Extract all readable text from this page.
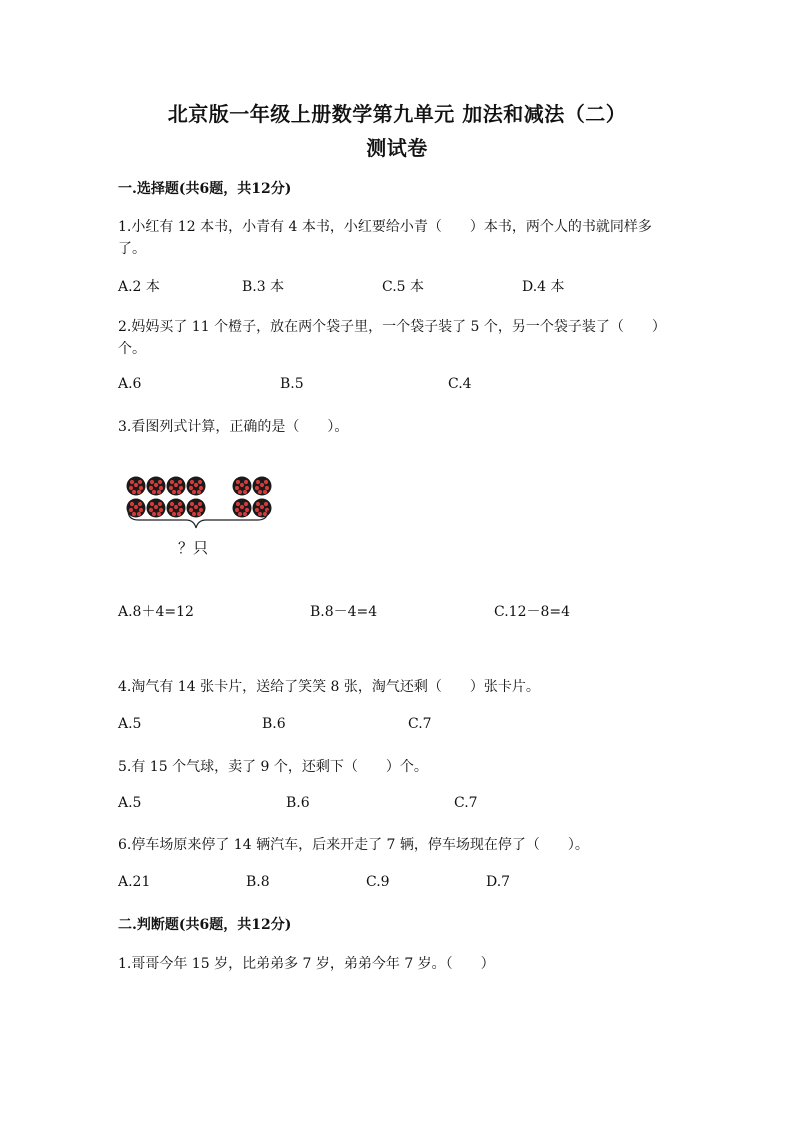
北京版一年级上册数学第九单元 加法和减法（二）
测试卷
一.选择题(共6题，共12分)
1.小红有 12 本书，小青有 4 本书，小红要给小青（　　）本书，两个人的书就同样多了。
A.2 本	B.3 本	C.5 本	D.4 本
2.妈妈买了 11 个橙子，放在两个袋子里，一个袋子装了 5 个，另一个袋子装了（　　）个。
A.6	B.5	C.4
3.看图列式计算，正确的是（　　）。
？只
A.8＋4=12	B.8－4=4	C.12－8=4
4.淘气有 14 张卡片，送给了笑笑 8 张，淘气还剩（　　）张卡片。
A.5	B.6	C.7
5.有 15 个气球，卖了 9 个，还剩下（　　）个。
A.5	B.6	C.7
6.停车场原来停了 14 辆汽车，后来开走了 7 辆，停车场现在停了（　　）。
A.21	B.8	C.9	D.7
二.判断题(共6题，共12分)
1.哥哥今年 15 岁，比弟弟多 7 岁，弟弟今年 7 岁。（　　）
